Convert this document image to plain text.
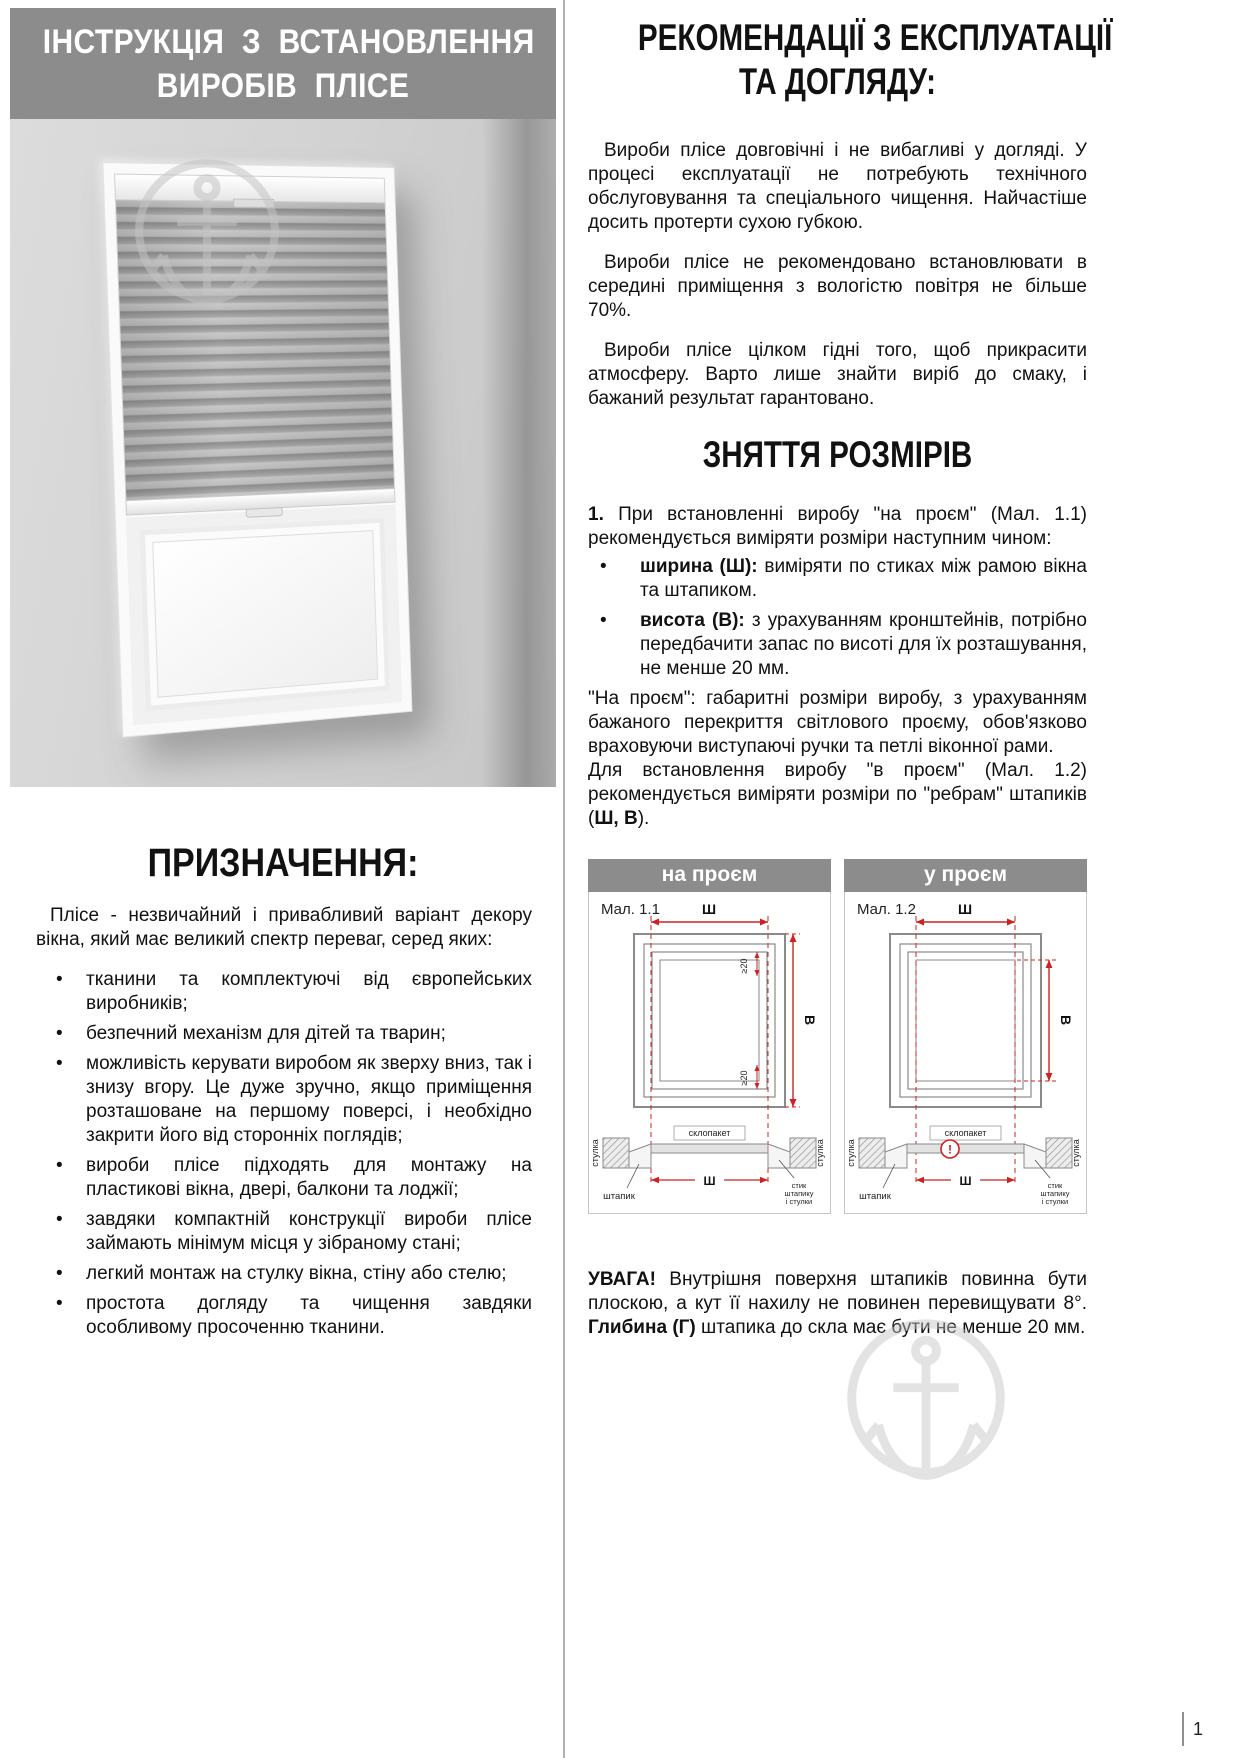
ІНСТРУКЦІЯ З ВСТАНОВЛЕННЯ
ВИРОБІВ ПЛІСЕ
ПРИЗНАЧЕННЯ:

Плісе - незвичайний і привабливий варіант декору вікна, який має великий спектр переваг, серед яких:

• тканини та комплектуючі від європейських виробників;
• безпечний механізм для дітей та тварин;
• можливість керувати виробом як зверху вниз, так і знизу вгору. Це дуже зручно, якщо приміщення розташоване на першому поверсі, і необхідно закрити його від сторонніх поглядів;
• вироби плісе підходять для монтажу на пластикові вікна, двері, балкони та лоджії;
• завдяки компактній конструкції вироби плісе займають мінімум місця у зібраному стані;
• легкий монтаж на стулку вікна, стіну або стелю;
• простота догляду та чищення завдяки особливому просоченню тканини.
РЕКОМЕНДАЦІЇ З ЕКСПЛУАТАЦІЇ
ТА ДОГЛЯДУ:

Вироби плісе довговічні і не вибагливі у догляді. У процесі експлуатації не потребують технічного обслуговування та спеціального чищення. Найчастіше досить протерти сухою губкою.

Вироби плісе не рекомендовано встановлювати в середині приміщення з вологістю повітря не більше 70%.

Вироби плісе цілком гідні того, щоб прикрасити атмосферу. Варто лише знайти виріб до смаку, і бажаний результат гарантовано.

ЗНЯТТЯ РОЗМІРІВ

1. При встановленні виробу "на проєм" (Мал. 1.1) рекомендується виміряти розміри наступним чином:

• ширина (Ш): виміряти по стиках між рамою вікна та штапиком.
• висота (В): з урахуванням кронштейнів, потрібно передбачити запас по висоті для їх розташування, не менше 20 мм.

"На проєм": габаритні розміри виробу, з урахуванням бажаного перекриття світлового проєму, обов'язково враховуючи виступаючі ручки та петлі віконної рами.

Для встановлення виробу "в проєм" (Мал. 1.2) рекомендується виміряти розміри по "ребрам" штапиків (Ш, В).

на проєм
Мал. 1.1	Ш
В
≥20
≥20
склопакет
стулка	стулка
Ш
штапик
стик
штапику
і стулки
у проєм
Мал. 1.2	Ш
В
!
склопакет
стулка	стулка
Ш
штапик
стик
штапику
і стулки

УВАГА! Внутрішня поверхня штапиків повинна бути плоскою, а кут її нахилу не повинен перевищувати 8°. Глибина (Г) штапика до скла має бути не менше 20 мм.

1
